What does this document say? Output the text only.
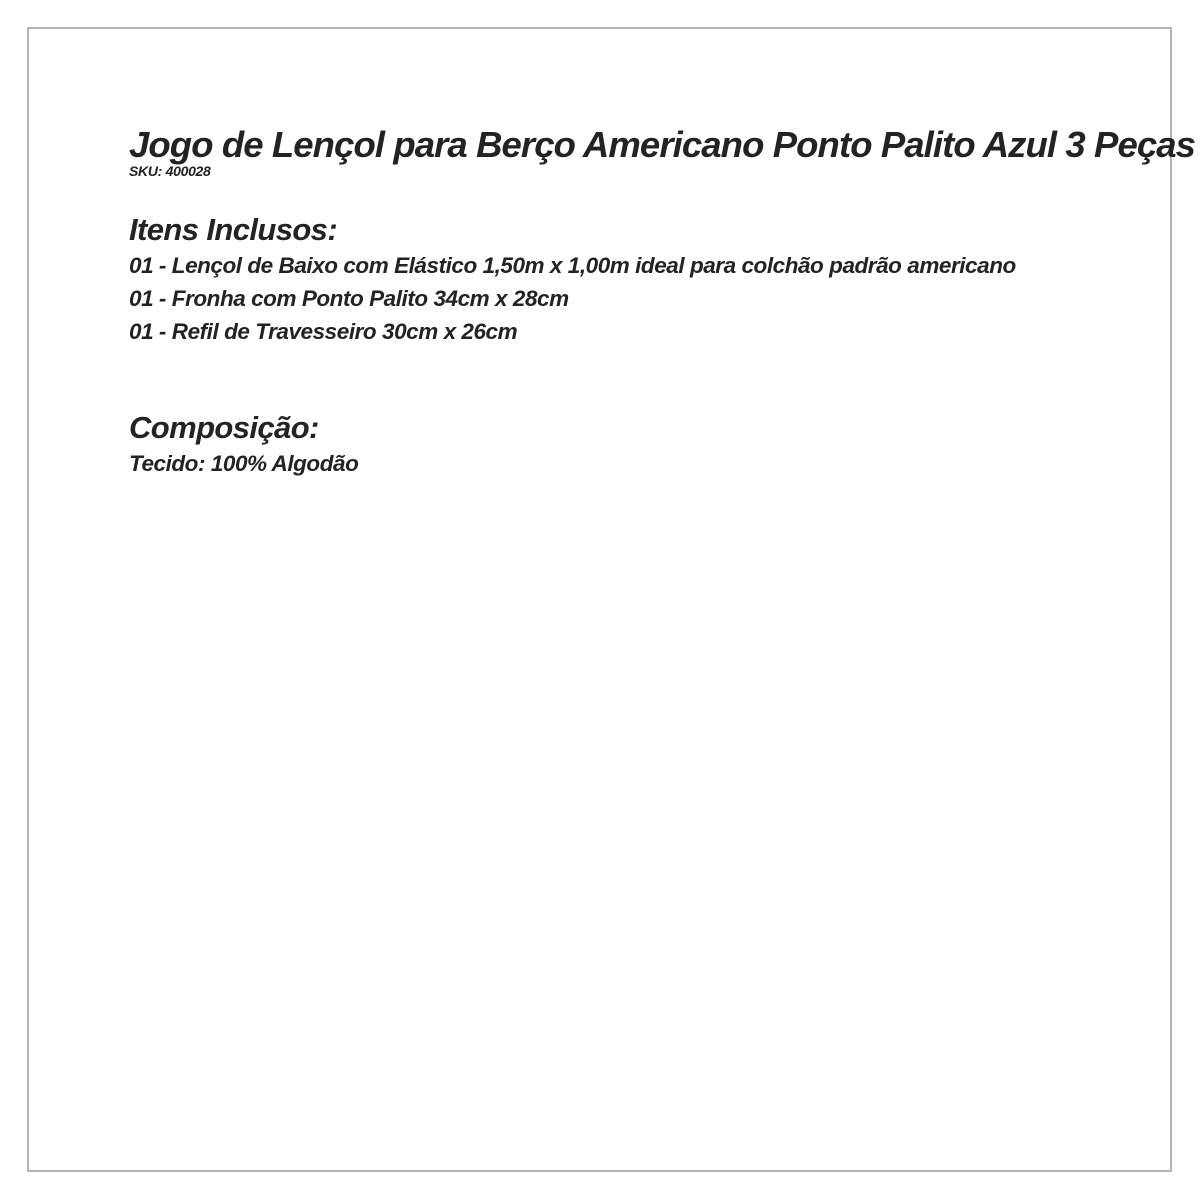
Jogo de Lençol para Berço Americano Ponto Palito Azul 3 Peças
SKU: 400028
Itens Inclusos:
01 - Lençol de Baixo com Elástico 1,50m x 1,00m ideal para colchão padrão americano
01 - Fronha com Ponto Palito 34cm x 28cm
01 - Refil de Travesseiro 30cm x 26cm
Composição:

Tecido: 100% Algodão
